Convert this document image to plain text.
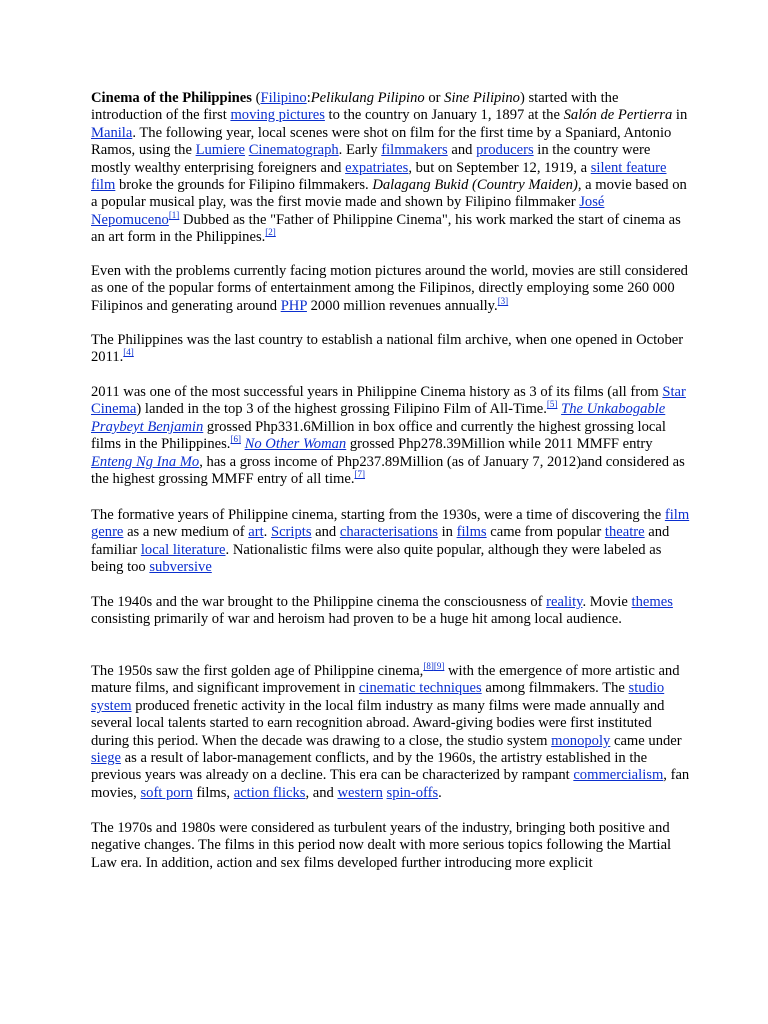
Cinema of the Philippines (Filipino:Pelikulang Pilipino or Sine Pilipino) started with the introduction of the first moving pictures to the country on January 1, 1897 at the Salón de Pertierra in Manila. The following year, local scenes were shot on film for the first time by a Spaniard, Antonio Ramos, using the Lumiere Cinematograph. Early filmmakers and producers in the country were mostly wealthy enterprising foreigners and expatriates, but on September 12, 1919, a silent feature film broke the grounds for Filipino filmmakers. Dalagang Bukid (Country Maiden), a movie based on a popular musical play, was the first movie made and shown by Filipino filmmaker José Nepomuceno[1] Dubbed as the "Father of Philippine Cinema", his work marked the start of cinema as an art form in the Philippines.[2]

Even with the problems currently facing motion pictures around the world, movies are still considered as one of the popular forms of entertainment among the Filipinos, directly employing some 260 000 Filipinos and generating around PHP 2000 million revenues annually.[3]

The Philippines was the last country to establish a national film archive, when one opened in October 2011.[4]

2011 was one of the most successful years in Philippine Cinema history as 3 of its films (all from Star Cinema) landed in the top 3 of the highest grossing Filipino Film of All-Time.[5] The Unkabogable Praybeyt Benjamin grossed Php331.6Million in box office and currently the highest grossing local films in the Philippines.[6] No Other Woman grossed Php278.39Million while 2011 MMFF entry Enteng Ng Ina Mo, has a gross income of Php237.89Million (as of January 7, 2012)and considered as the highest grossing MMFF entry of all time.[7]

The formative years of Philippine cinema, starting from the 1930s, were a time of discovering the film genre as a new medium of art. Scripts and characterisations in films came from popular theatre and familiar local literature. Nationalistic films were also quite popular, although they were labeled as being too subversive

The 1940s and the war brought to the Philippine cinema the consciousness of reality. Movie themes consisting primarily of war and heroism had proven to be a huge hit among local audience.

The 1950s saw the first golden age of Philippine cinema,[8][9] with the emergence of more artistic and mature films, and significant improvement in cinematic techniques among filmmakers. The studio system produced frenetic activity in the local film industry as many films were made annually and several local talents started to earn recognition abroad. Award-giving bodies were first instituted during this period. When the decade was drawing to a close, the studio system monopoly came under siege as a result of labor-management conflicts, and by the 1960s, the artistry established in the previous years was already on a decline. This era can be characterized by rampant commercialism, fan movies, soft porn films, action flicks, and western spin-offs.

The 1970s and 1980s were considered as turbulent years of the industry, bringing both positive and negative changes. The films in this period now dealt with more serious topics following the Martial Law era. In addition, action and sex films developed further introducing more explicit
